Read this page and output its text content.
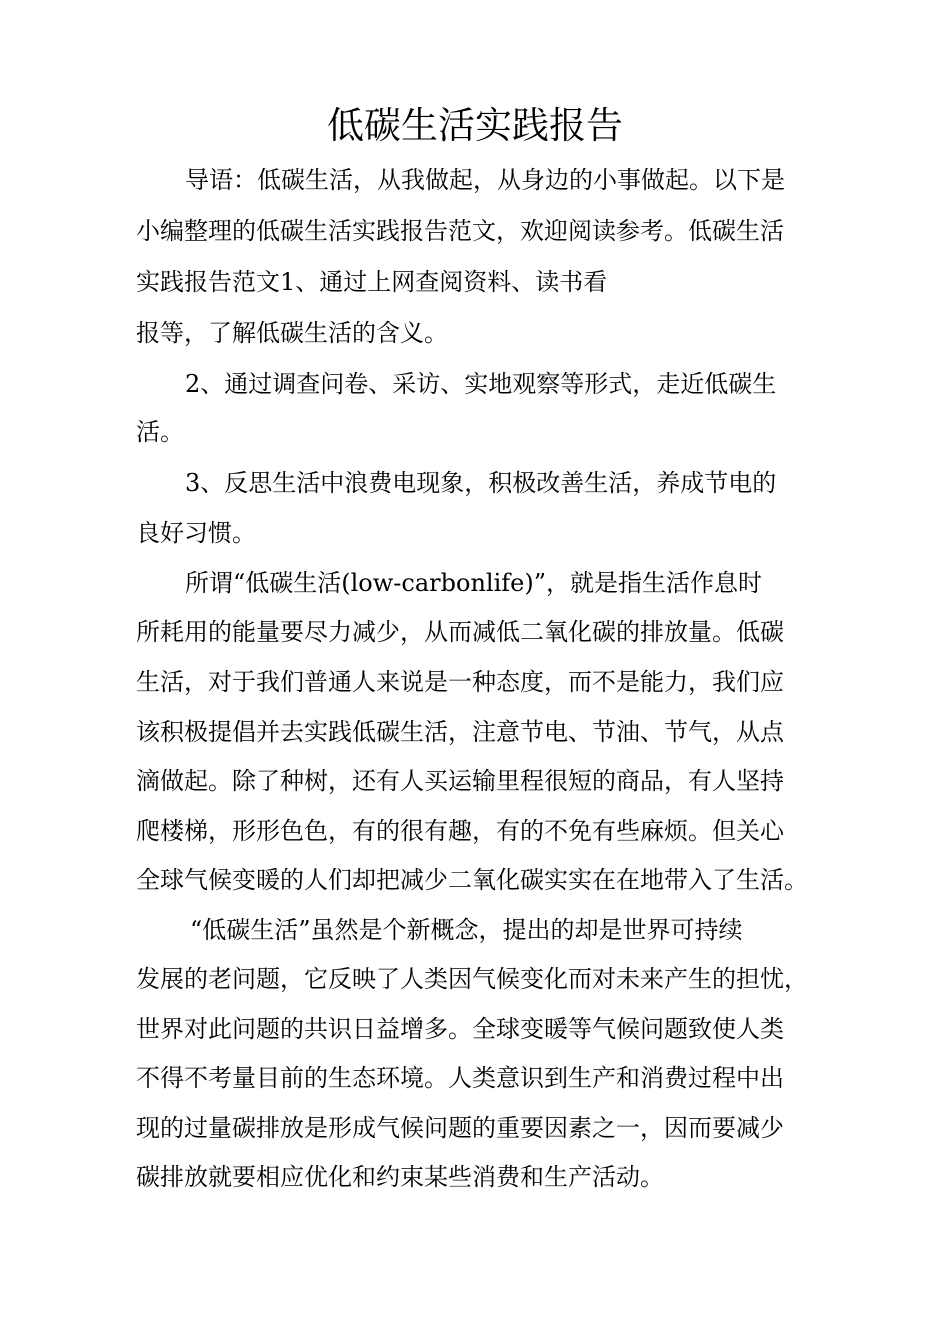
低碳生活实践报告

导语：低碳生活，从我做起，从身边的小事做起。以下是

小编整理的低碳生活实践报告范文，欢迎阅读参考。低碳生活

实践报告范文1、通过上网查阅资料、读书看

报等，了解低碳生活的含义。

2、通过调查问卷、采访、实地观察等形式，走近低碳生

活。

3、反思生活中浪费电现象，积极改善生活，养成节电的

良好习惯。

所谓“低碳生活(low-carbonlife)”，就是指生活作息时

所耗用的能量要尽力减少，从而减低二氧化碳的排放量。低碳

生活，对于我们普通人来说是一种态度，而不是能力，我们应

该积极提倡并去实践低碳生活，注意节电、节油、节气，从点

滴做起。除了种树，还有人买运输里程很短的商品，有人坚持

爬楼梯，形形色色，有的很有趣，有的不免有些麻烦。但关心

全球气候变暖的人们却把减少二氧化碳实实在在地带入了生活。

“低碳生活”虽然是个新概念，提出的却是世界可持续

发展的老问题，它反映了人类因气候变化而对未来产生的担忧，

世界对此问题的共识日益增多。全球变暖等气候问题致使人类

不得不考量目前的生态环境。人类意识到生产和消费过程中出

现的过量碳排放是形成气候问题的重要因素之一，因而要减少

碳排放就要相应优化和约束某些消费和生产活动。
